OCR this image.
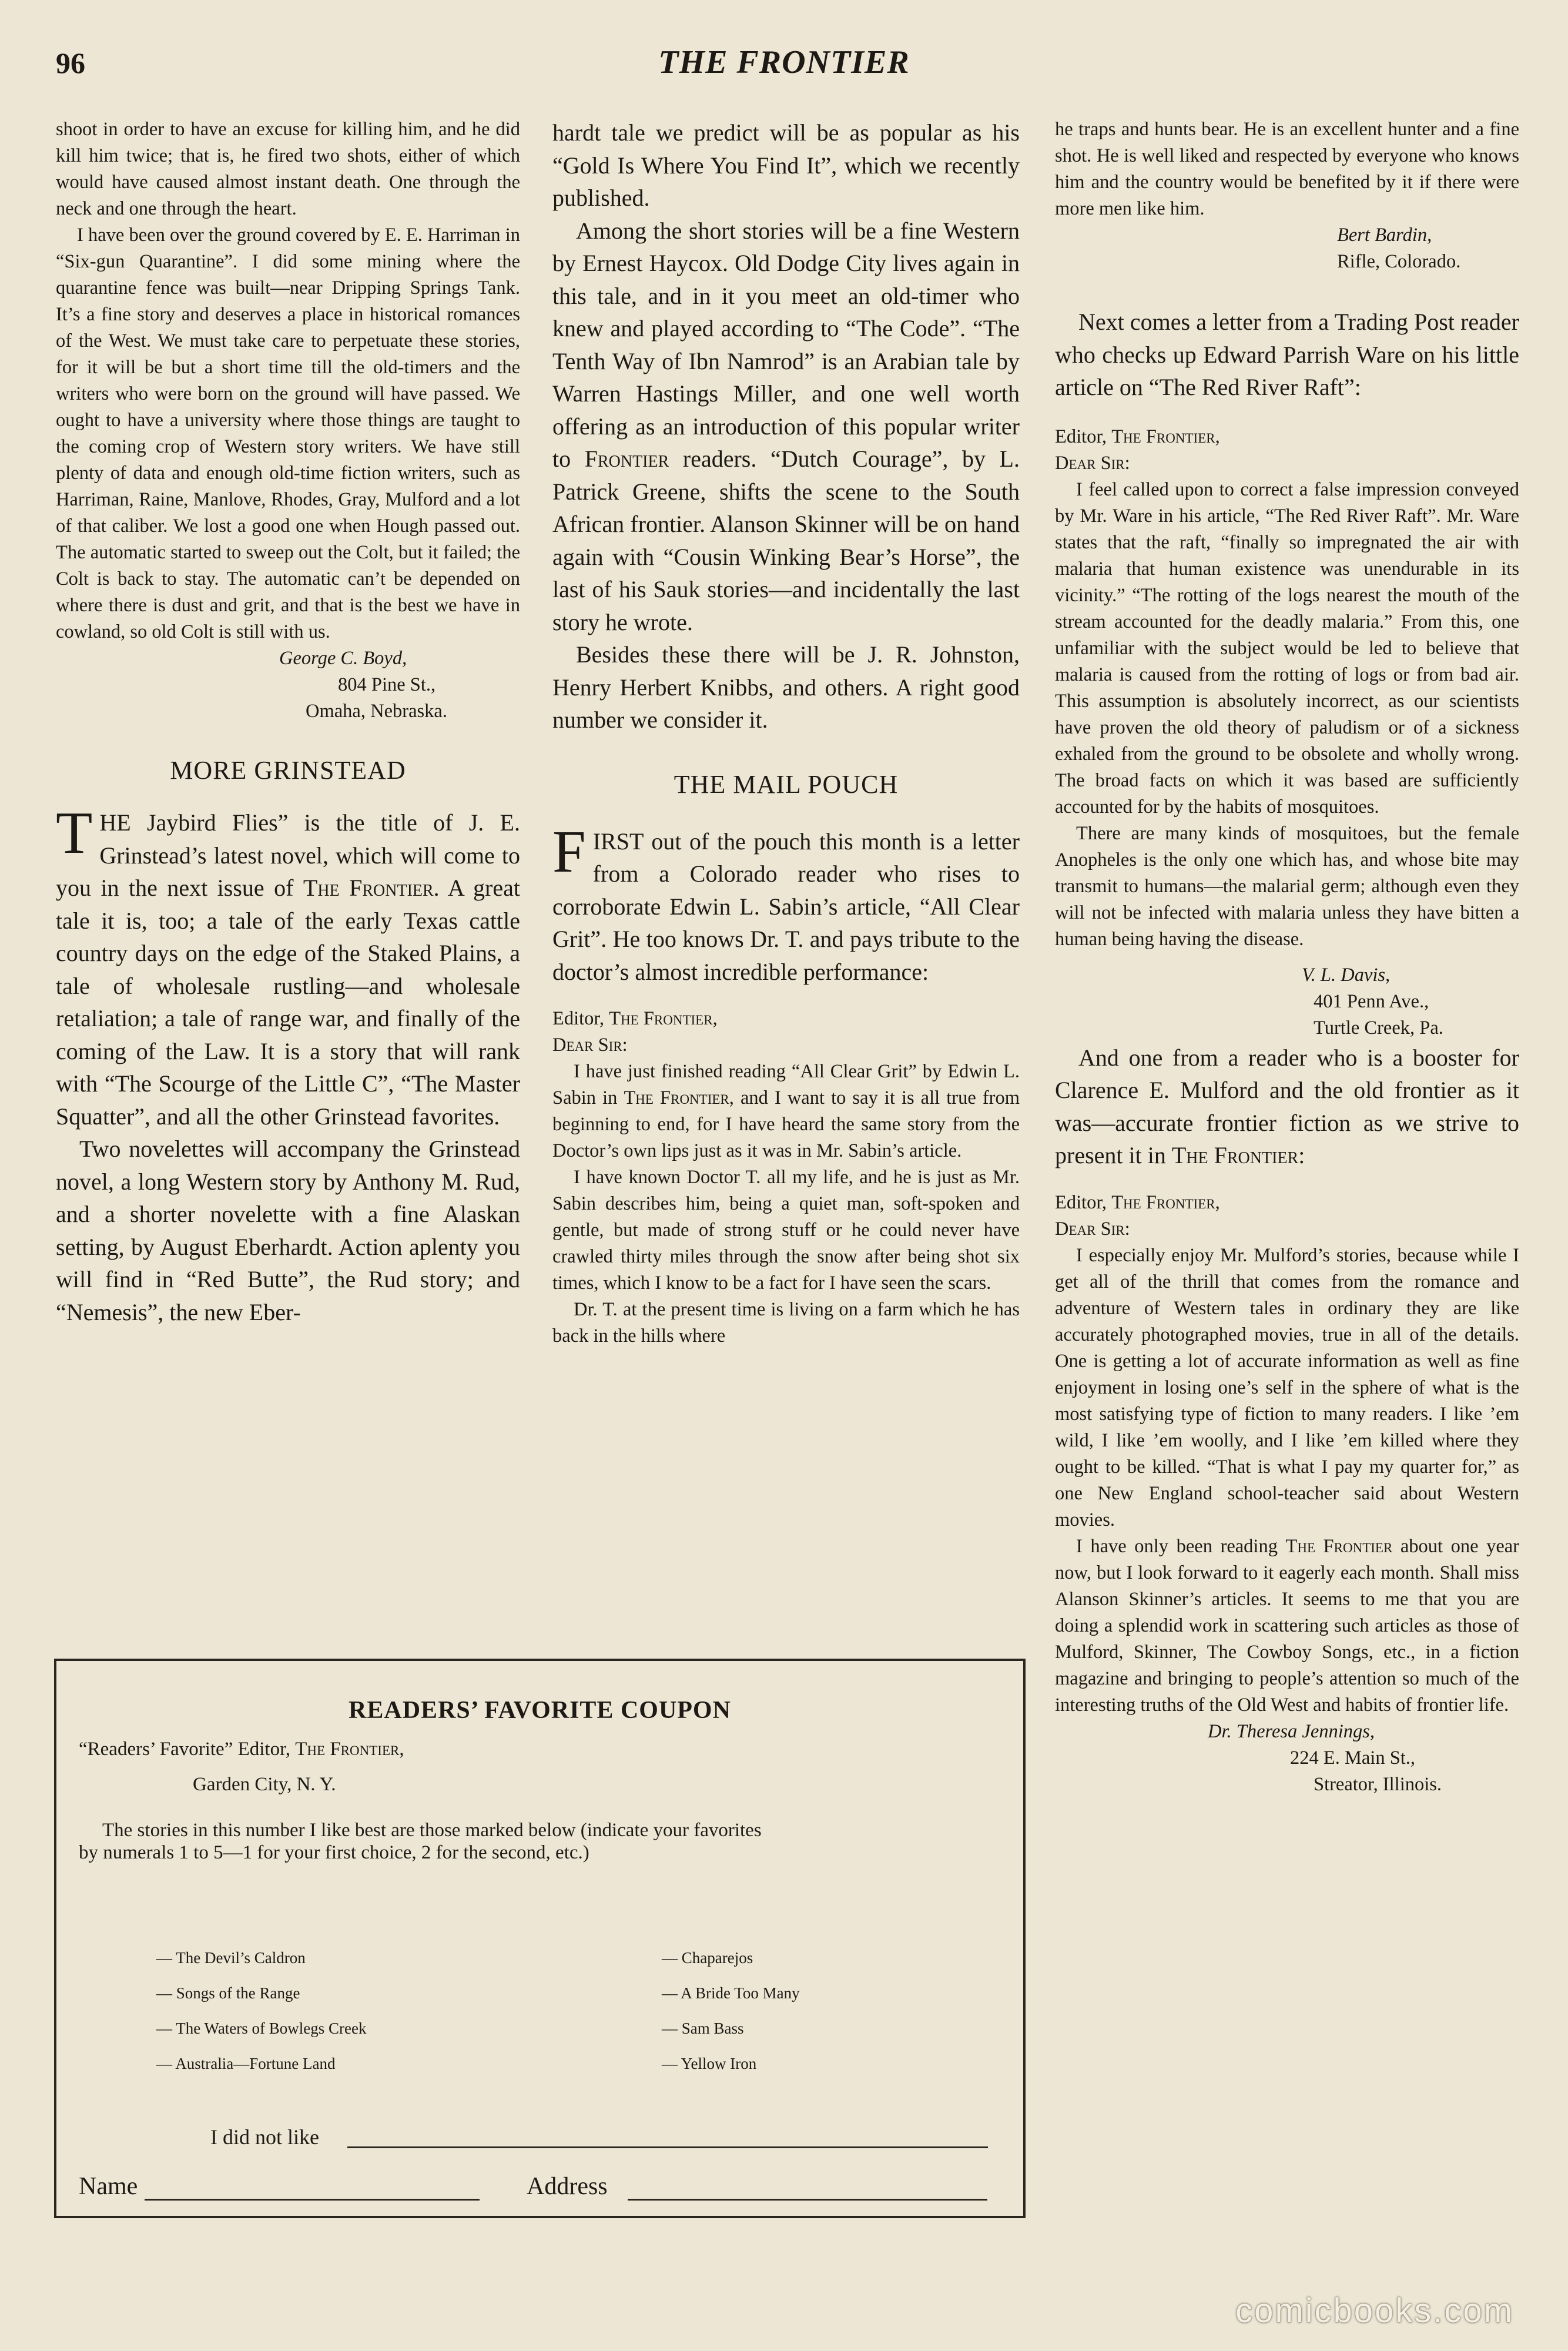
96	THE FRONTIER

shoot in order to have an excuse for killing him, and he did kill him twice; that is, he fired two shots, either of which would have caused almost instant death. One through the neck and one through the heart.

I have been over the ground covered by E. E. Harriman in “Six-gun Quarantine”. I did some mining where the quarantine fence was built—near Dripping Springs Tank. It’s a fine story and deserves a place in historical romances of the West. We must take care to perpetuate these stories, for it will be but a short time till the old-timers and the writers who were born on the ground will have passed. We ought to have a university where those things are taught to the coming crop of Western story writers. We have still plenty of data and enough old-time fiction writers, such as Harriman, Raine, Manlove, Rhodes, Gray, Mulford and a lot of that caliber. We lost a good one when Hough passed out. The automatic started to sweep out the Colt, but it failed; the Colt is back to stay. The automatic can’t be depended on where there is dust and grit, and that is the best we have in cowland, so old Colt is still with us.

George C. Boyd,

804 Pine St.,

Omaha, Nebraska.

MORE GRINSTEAD

THE Jaybird Flies” is the title of J. E. Grinstead’s latest novel, which will come to you in the next issue of The Frontier. A great tale it is, too; a tale of the early Texas cattle country days on the edge of the Staked Plains, a tale of wholesale rustling—and wholesale retaliation; a tale of range war, and finally of the coming of the Law. It is a story that will rank with “The Scourge of the Little C”, “The Master Squatter”, and all the other Grinstead favorites.

Two novelettes will accompany the Grinstead novel, a long Western story by Anthony M. Rud, and a shorter novelette with a fine Alaskan setting, by August Eberhardt. Action aplenty you will find in “Red Butte”, the Rud story; and “Nemesis”, the new Eber-

hardt tale we predict will be as popular as his “Gold Is Where You Find It”, which we recently published.

Among the short stories will be a fine Western by Ernest Haycox. Old Dodge City lives again in this tale, and in it you meet an old-timer who knew and played according to “The Code”. “The Tenth Way of Ibn Namrod” is an Arabian tale by Warren Hastings Miller, and one well worth offering as an introduction of this popular writer to Frontier readers. “Dutch Courage”, by L. Patrick Greene, shifts the scene to the South African frontier. Alanson Skinner will be on hand again with “Cousin Winking Bear’s Horse”, the last of his Sauk stories—and incidentally the last story he wrote.

Besides these there will be J. R. Johnston, Henry Herbert Knibbs, and others. A right good number we consider it.

THE MAIL POUCH

FIRST out of the pouch this month is a letter from a Colorado reader who rises to corroborate Edwin L. Sabin’s article, “All Clear Grit”. He too knows Dr. T. and pays tribute to the doctor’s almost incredible performance:

Editor, The Frontier,

Dear Sir:

I have just finished reading “All Clear Grit” by Edwin L. Sabin in The Frontier, and I want to say it is all true from beginning to end, for I have heard the same story from the Doctor’s own lips just as it was in Mr. Sabin’s article.

I have known Doctor T. all my life, and he is just as Mr. Sabin describes him, being a quiet man, soft-spoken and gentle, but made of strong stuff or he could never have crawled thirty miles through the snow after being shot six times, which I know to be a fact for I have seen the scars.

Dr. T. at the present time is living on a farm which he has back in the hills where

he traps and hunts bear. He is an excellent hunter and a fine shot. He is well liked and respected by everyone who knows him and the country would be benefited by it if there were more men like him.

Bert Bardin,

Rifle, Colorado.

Next comes a letter from a Trading Post reader who checks up Edward Parrish Ware on his little article on “The Red River Raft”:

Editor, The Frontier,

Dear Sir:

I feel called upon to correct a false impression conveyed by Mr. Ware in his article, “The Red River Raft”. Mr. Ware states that the raft, “finally so impregnated the air with malaria that human existence was unendurable in its vicinity.” “The rotting of the logs nearest the mouth of the stream accounted for the deadly malaria.” From this, one unfamiliar with the subject would be led to believe that malaria is caused from the rotting of logs or from bad air. This assumption is absolutely incorrect, as our scientists have proven the old theory of paludism or of a sickness exhaled from the ground to be obsolete and wholly wrong. The broad facts on which it was based are sufficiently accounted for by the habits of mosquitoes.

There are many kinds of mosquitoes, but the female Anopheles is the only one which has, and whose bite may transmit to humans—the malarial germ; although even they will not be infected with malaria unless they have bitten a human being having the disease.

V. L. Davis,

401 Penn Ave.,

Turtle Creek, Pa.

And one from a reader who is a booster for Clarence E. Mulford and the old frontier as it was—accurate frontier fiction as we strive to present it in The Frontier:

Editor, The Frontier,

Dear Sir:

I especially enjoy Mr. Mulford’s stories, because while I get all of the thrill that comes from the romance and adventure of Western tales in ordinary they are like accurately photographed movies, true in all of the details. One is getting a lot of accurate information as well as fine enjoyment in losing one’s self in the sphere of what is the most satisfying type of fiction to many readers. I like ’em wild, I like ’em woolly, and I like ’em killed where they ought to be killed. “That is what I pay my quarter for,” as one New England school-teacher said about Western movies.

I have only been reading The Frontier about one year now, but I look forward to it eagerly each month. Shall miss Alanson Skinner’s articles. It seems to me that you are doing a splendid work in scattering such articles as those of Mulford, Skinner, The Cowboy Songs, etc., in a fiction magazine and bringing to people’s attention so much of the interesting truths of the Old West and habits of frontier life.

Dr. Theresa Jennings,

224 E. Main St.,

Streator, Illinois.

READERS’ FAVORITE COUPON
“Readers’ Favorite” Editor, The Frontier,
Garden City, N. Y.
The stories in this number I like best are those marked below (indicate your favorites
by numerals 1 to 5—1 for your first choice, 2 for the second, etc.)
— The Devil’s Caldron
— Songs of the Range
— The Waters of Bowlegs Creek
— Australia—Fortune Land
— Chaparejos
— A Bride Too Many
— Sam Bass
— Yellow Iron
I did not like
Name	Address
comicbooks.com
